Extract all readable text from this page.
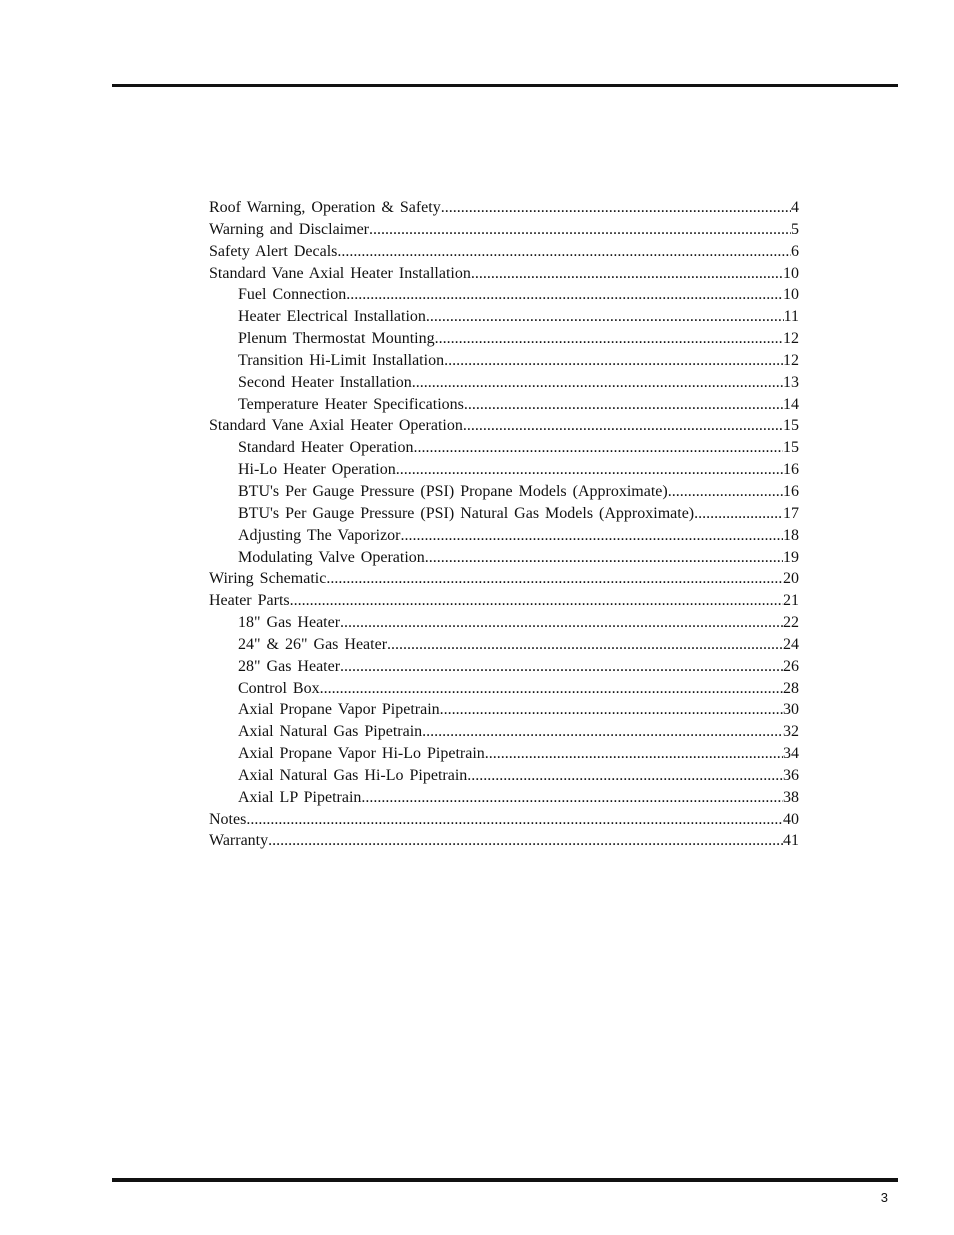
Roof Warning, Operation & Safety .....	4
Warning and Disclaimer .....	5
Safety Alert Decals .....	6
Standard Vane Axial Heater Installation .....	10
Fuel Connection .....	10
Heater Electrical Installation .....	11
Plenum Thermostat Mounting .....	12
Transition Hi-Limit Installation .....	12
Second Heater Installation .....	13
Temperature Heater Specifications .....	14
Standard Vane Axial Heater Operation .....	15
Standard Heater Operation .....	15
Hi-Lo Heater Operation .....	16
BTU's Per Gauge Pressure (PSI) Propane Models (Approximate) .....	16
BTU's Per Gauge Pressure (PSI) Natural Gas Models (Approximate) .....	17
Adjusting The Vaporizor .....	18
Modulating Valve Operation .....	19
Wiring Schematic .....	20
Heater Parts .....	21
18" Gas Heater .....	22
24" & 26" Gas Heater .....	24
28" Gas Heater .....	26
Control Box .....	28
Axial Propane Vapor Pipetrain .....	30
Axial Natural Gas Pipetrain .....	32
Axial Propane Vapor Hi-Lo Pipetrain .....	34
Axial Natural Gas Hi-Lo Pipetrain .....	36
Axial LP Pipetrain .....	38
Notes .....	40
Warranty .....	41
3
